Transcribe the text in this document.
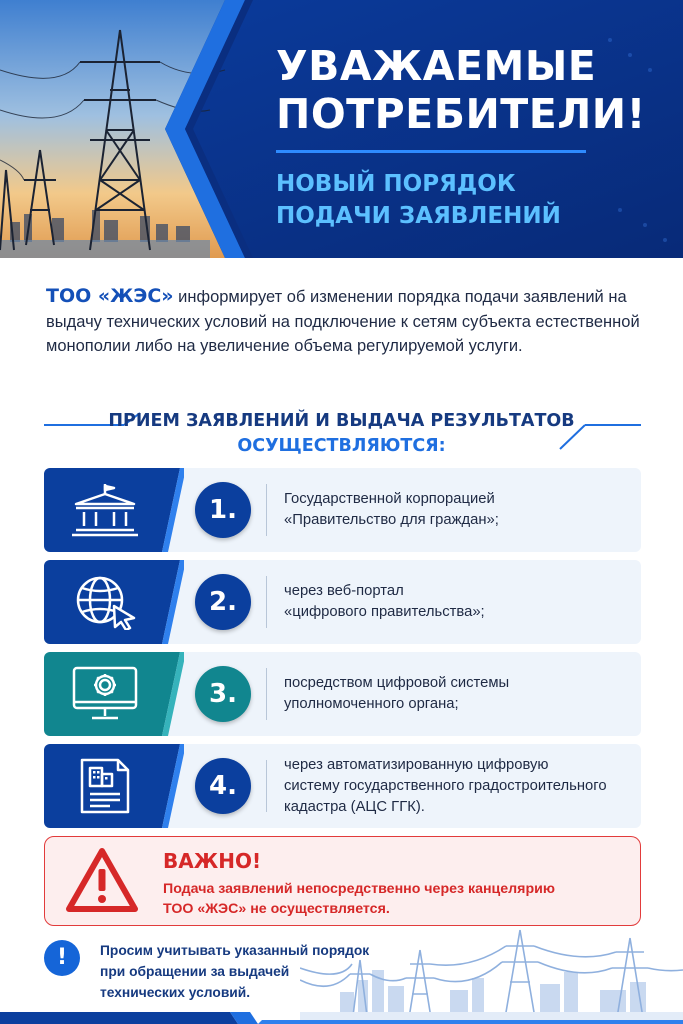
УВАЖАЕМЫЕ
ПОТРЕБИТЕЛИ!
НОВЫЙ ПОРЯДОК
ПОДАЧИ ЗАЯВЛЕНИЙ
ТОО «ЖЭС» информирует об изменении порядка подачи заявлений на выдачу технических условий на подключение к сетям субъекта естественной монополии либо на увеличение объема регулируемой услуги.
ПРИЕМ ЗАЯВЛЕНИЙ И ВЫДАЧА РЕЗУЛЬТАТОВ
ОСУЩЕСТВЛЯЮТСЯ:
1.	Государственной корпорацией
«Правительство для граждан»;
2.	через веб-портал
«цифрового правительства»;
3.	посредством цифровой системы
уполномоченного органа;
4.
через автоматизированную цифровую
систему государственного градостроительного
кадастра (АЦС ГГК).
ВАЖНО!
Подача заявлений непосредственно через канцелярию
ТОО «ЖЭС» не осуществляется.
!	Просим учитывать указанный порядок
при обращении за выдачей
технических условий.
